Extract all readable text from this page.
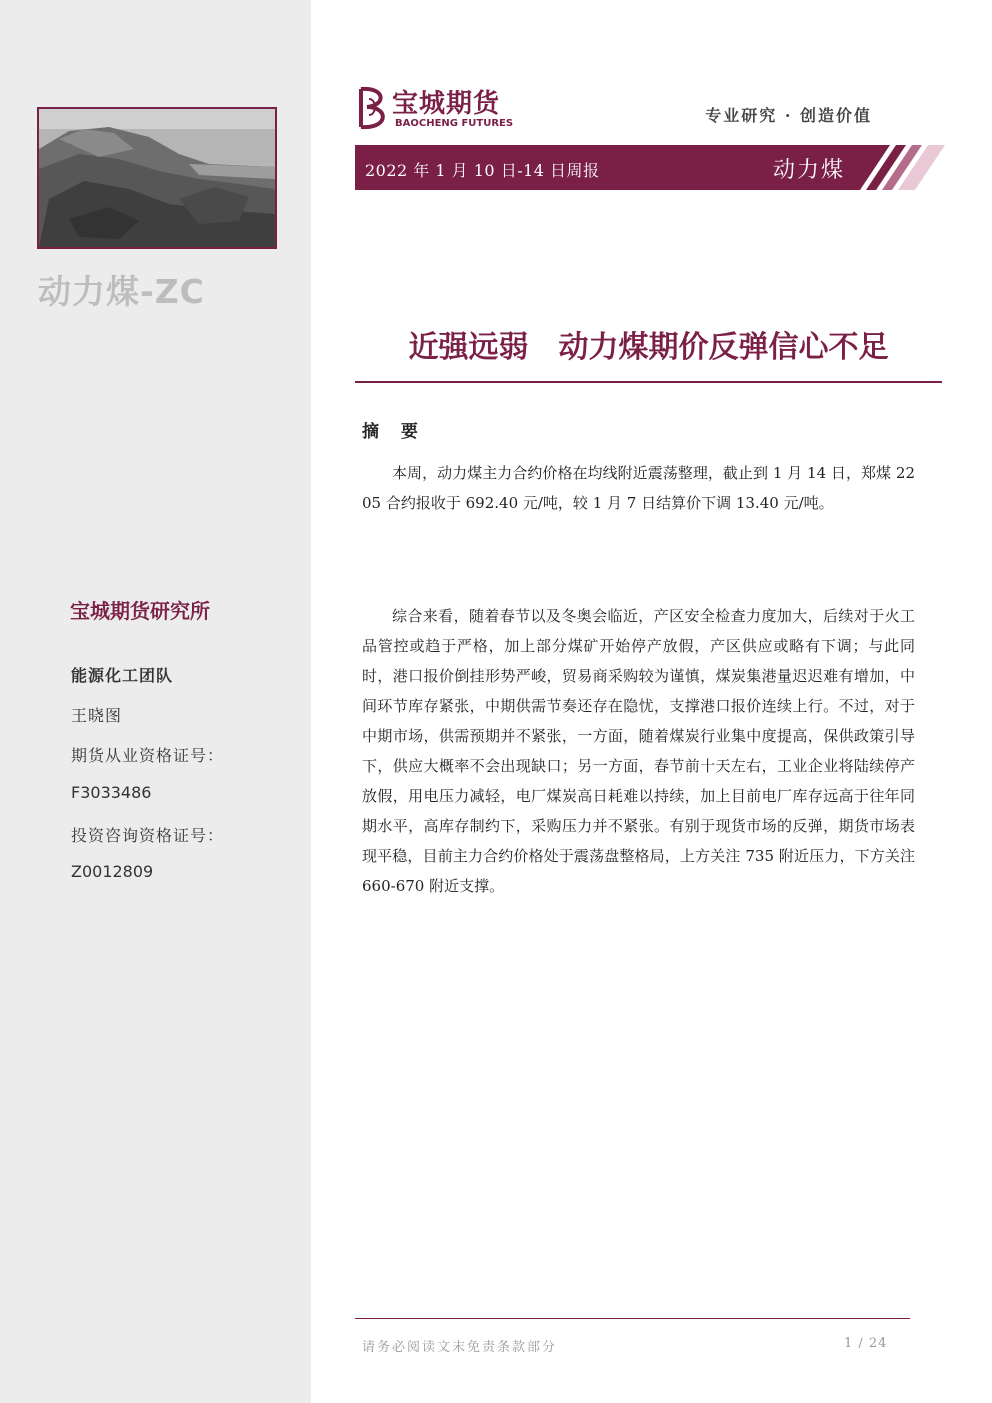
动力煤-ZC
宝城期货研究所
能源化工团队
王晓图
期货从业资格证号：
F3033486
投资咨询资格证号：
Z0012809
宝城期货
BAOCHENG FUTURES	专业研究 · 创造价值
2022 年 1 月 10 日-14 日周报	动力煤
近强远弱　动力煤期价反弹信心不足
摘 要

本周，动力煤主力合约价格在均线附近震荡整理，截止到 1 月 14 日，郑煤 2205 合约报收于 692.40 元/吨，较 1 月 7 日结算价下调 13.40 元/吨。

综合来看，随着春节以及冬奥会临近，产区安全检查力度加大，后续对于火工品管控或趋于严格，加上部分煤矿开始停产放假，产区供应或略有下调；与此同时，港口报价倒挂形势严峻，贸易商采购较为谨慎，煤炭集港量迟迟难有增加，中间环节库存紧张，中期供需节奏还存在隐忧，支撑港口报价连续上行。不过，对于中期市场，供需预期并不紧张，一方面，随着煤炭行业集中度提高，保供政策引导下，供应大概率不会出现缺口；另一方面，春节前十天左右，工业企业将陆续停产放假，用电压力减轻，电厂煤炭高日耗难以持续，加上目前电厂库存远高于往年同期水平，高库存制约下，采购压力并不紧张。有别于现货市场的反弹，期货市场表现平稳，目前主力合约价格处于震荡盘整格局，上方关注 735 附近压力，下方关注 660-670 附近支撑。

请务必阅读文末免责条款部分	1 / 24
